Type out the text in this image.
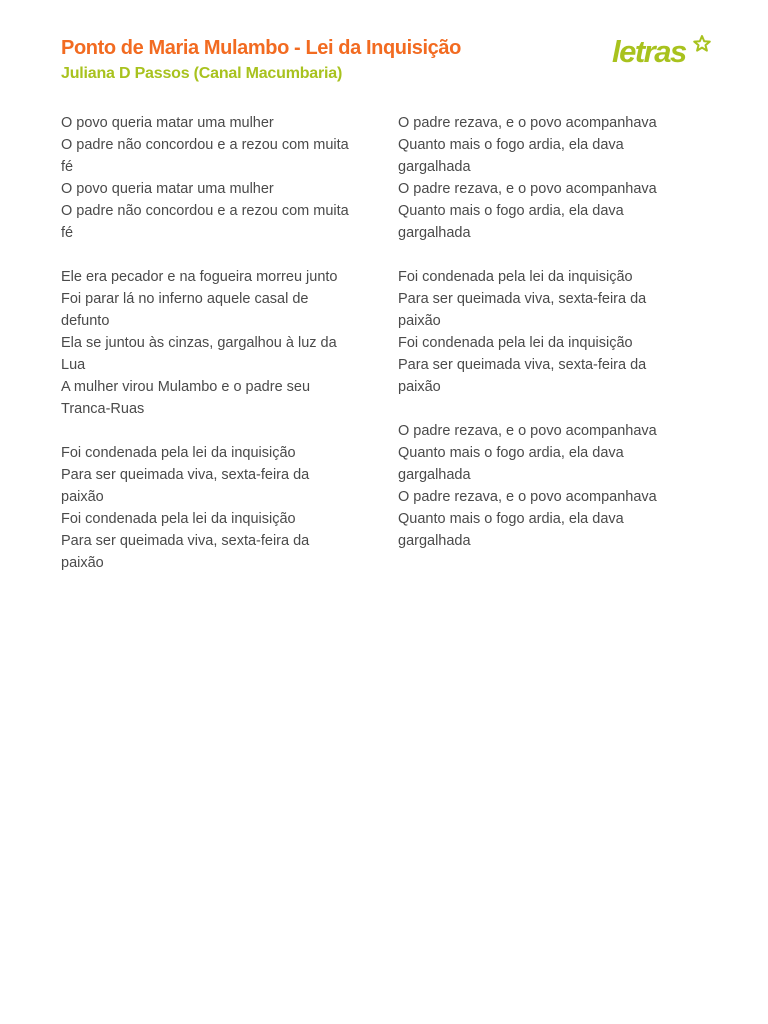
Ponto de Maria Mulambo - Lei da Inquisição
Juliana D Passos (Canal Macumbaria)
letras

O povo queria matar uma mulher
O padre não concordou e a rezou com muita
fé
O povo queria matar uma mulher
O padre não concordou e a rezou com muita
fé

Ele era pecador e na fogueira morreu junto
Foi parar lá no inferno aquele casal de
defunto
Ela se juntou às cinzas, gargalhou à luz da
Lua
A mulher virou Mulambo e o padre seu
Tranca-Ruas

Foi condenada pela lei da inquisição
Para ser queimada viva, sexta-feira da
paixão
Foi condenada pela lei da inquisição
Para ser queimada viva, sexta-feira da
paixão

O padre rezava, e o povo acompanhava
Quanto mais o fogo ardia, ela dava
gargalhada
O padre rezava, e o povo acompanhava
Quanto mais o fogo ardia, ela dava
gargalhada

Foi condenada pela lei da inquisição
Para ser queimada viva, sexta-feira da
paixão
Foi condenada pela lei da inquisição
Para ser queimada viva, sexta-feira da
paixão

O padre rezava, e o povo acompanhava
Quanto mais o fogo ardia, ela dava
gargalhada
O padre rezava, e o povo acompanhava
Quanto mais o fogo ardia, ela dava
gargalhada
